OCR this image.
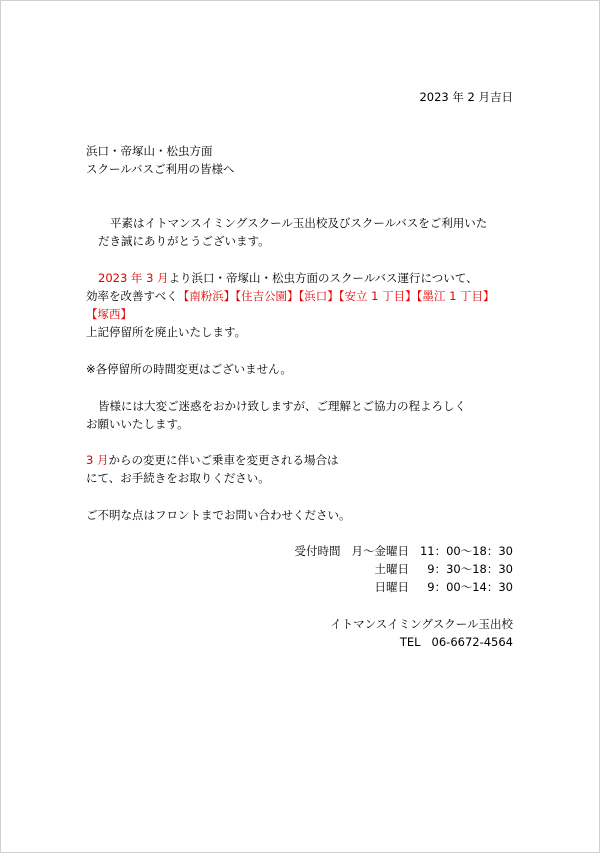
2023 年 2 月吉日
浜口・帝塚山・松虫方面
スクールバスご利用の皆様へ
平素はイトマンスイミングスクール玉出校及びスクールバスをご利用いた
だき誠にありがとうございます。
2023 年 3 月より浜口・帝塚山・松虫方面のスクールバス運行について、
効率を改善すべく【南粉浜】【住吉公園】【浜口】【安立 1 丁目】【墨江 1 丁目】
【塚西】
上記停留所を廃止いたします。
※各停留所の時間変更はございません。
皆様には大変ご迷惑をおかけ致しますが、ご理解とご協力の程よろしく
お願いいたします。
3 月からの変更に伴いご乗車を変更される場合は
にて、お手続きをお取りください。
ご不明な点はフロントまでお問い合わせください。
受付時間 月～金曜日 11：00～18：30
土曜日 9：30～18：30
日曜日 9：00～14：30
イトマンスイミングスクール玉出校
TEL 06-6672-4564
